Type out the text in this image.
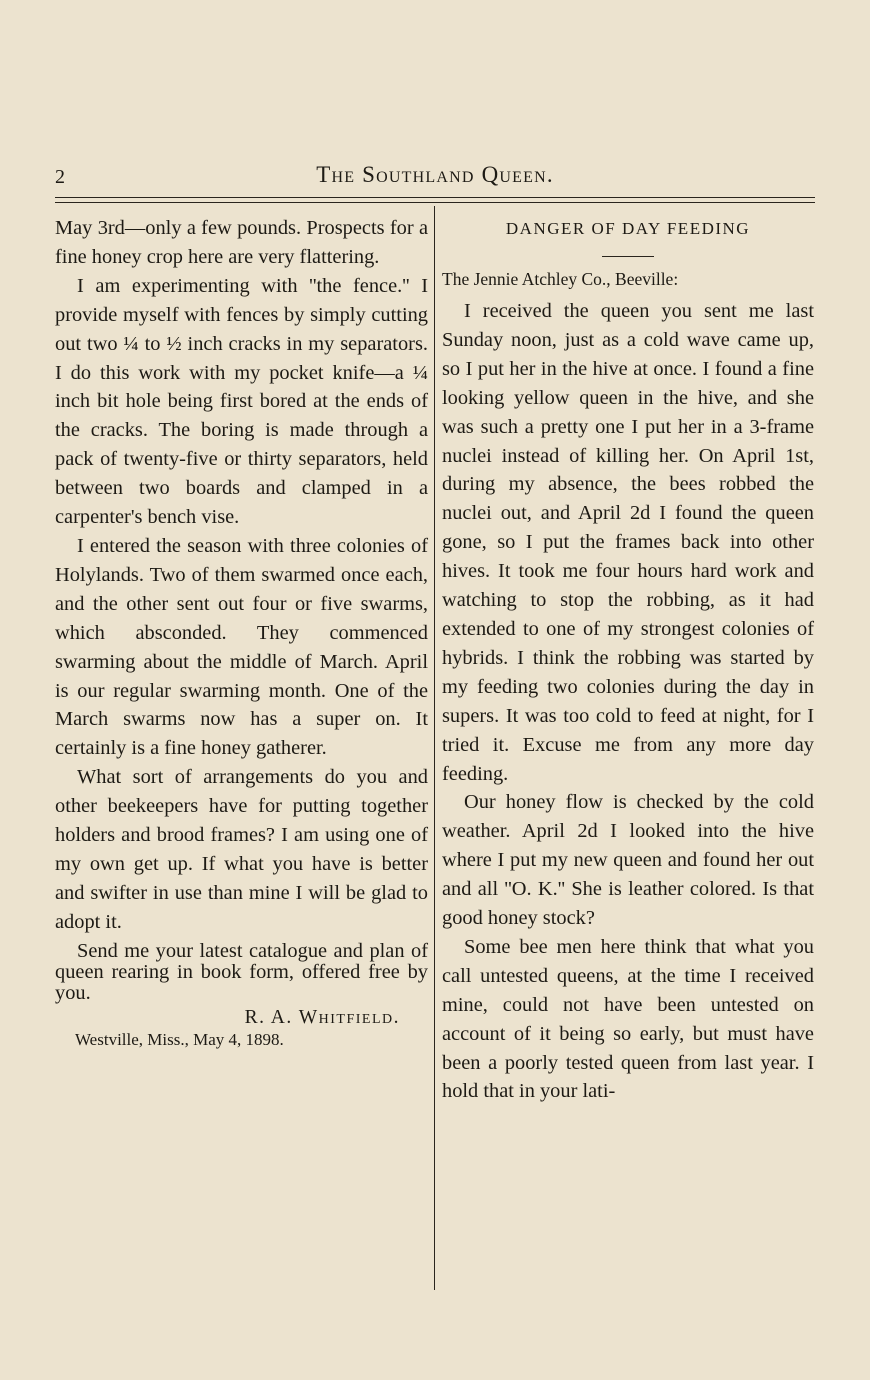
2	The Southland Queen.

May 3rd—only a few pounds. Prospects for a fine honey crop here are very flattering.

I am experimenting with ''the fence.'' I provide myself with fences by simply cutting out two ¼ to ½ inch cracks in my separators. I do this work with my pocket knife—a ¼ inch bit hole being first bored at the ends of the cracks. The boring is made through a pack of twenty-five or thirty separators, held between two boards and clamped in a carpenter's bench vise.

I entered the season with three colonies of Holylands. Two of them swarmed once each, and the other sent out four or five swarms, which absconded. They commenced swarming about the middle of March. April is our regular swarming month. One of the March swarms now has a super on. It certainly is a fine honey gatherer.

What sort of arrangements do you and other beekeepers have for putting together holders and brood frames? I am using one of my own get up. If what you have is better and swifter in use than mine I will be glad to adopt it.

Send me your latest catalogue and plan of queen rearing in book form, offered free by you.

R. A. Whitfield.

Westville, Miss., May 4, 1898.

DANGER OF DAY FEEDING

The Jennie Atchley Co., Beeville:

I received the queen you sent me last Sunday noon, just as a cold wave came up, so I put her in the hive at once. I found a fine looking yellow queen in the hive, and she was such a pretty one I put her in a 3-frame nuclei instead of killing her. On April 1st, during my absence, the bees robbed the nuclei out, and April 2d I found the queen gone, so I put the frames back into other hives. It took me four hours hard work and watching to stop the robbing, as it had extended to one of my strongest colonies of hybrids. I think the robbing was started by my feeding two colonies during the day in supers. It was too cold to feed at night, for I tried it. Excuse me from any more day feeding.

Our honey flow is checked by the cold weather. April 2d I looked into the hive where I put my new queen and found her out and all ''O. K.'' She is leather colored. Is that good honey stock?

Some bee men here think that what you call untested queens, at the time I received mine, could not have been untested on account of it being so early, but must have been a poorly tested queen from last year. I hold that in your lati-
